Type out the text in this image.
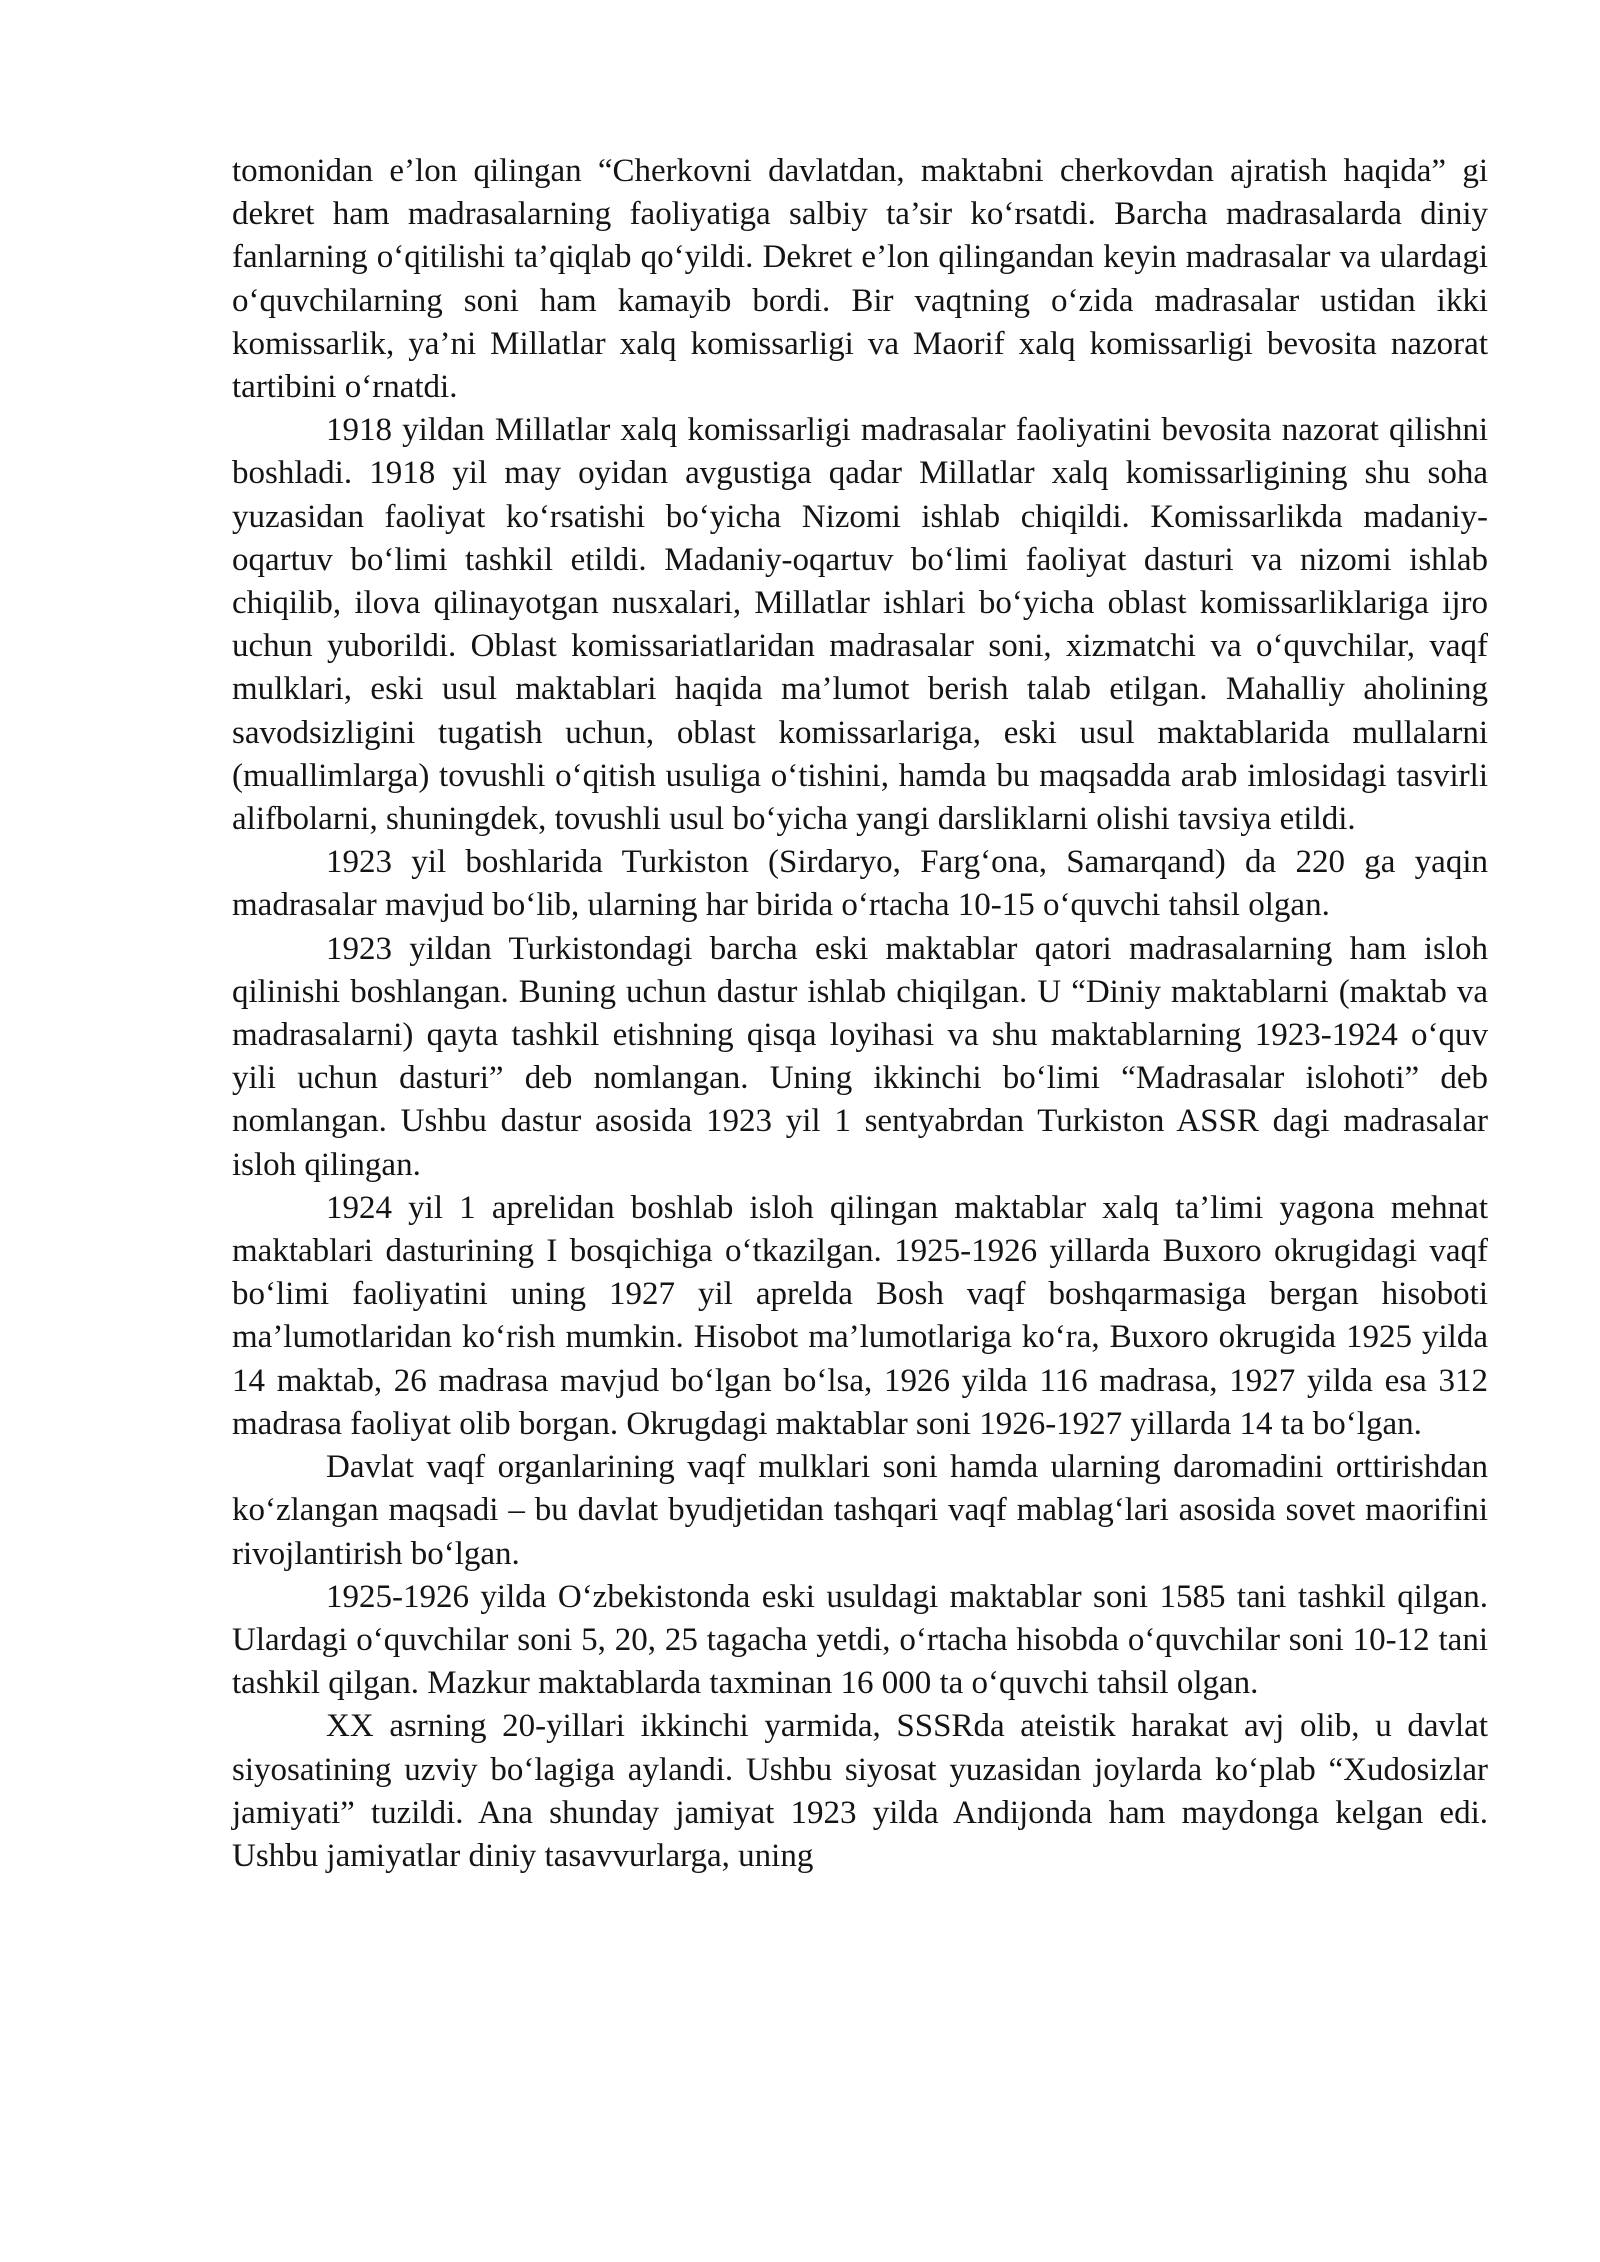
tomonidan e’lon qilingan “Cherkovni davlatdan, maktabni cherkovdan ajratish haqida” gi dekret ham madrasalarning faoliyatiga salbiy ta’sir ko‘rsatdi. Barcha madrasalarda diniy fanlarning o‘qitilishi ta’qiqlab qo‘yildi. Dekret e’lon qilingandan keyin madrasalar va ulardagi o‘quvchilarning soni ham kamayib bordi. Bir vaqtning o‘zida madrasalar ustidan ikki komissarlik, ya’ni Millatlar xalq komissarligi va Maorif xalq komissarligi bevosita nazorat tartibini o‘rnatdi.

1918 yildan Millatlar xalq komissarligi madrasalar faoliyatini bevosita nazorat qilishni boshladi. 1918 yil may oyidan avgustiga qadar Millatlar xalq komissarligining shu soha yuzasidan faoliyat ko‘rsatishi bo‘yicha Nizomi ishlab chiqildi. Komissarlikda madaniy-oqartuv bo‘limi tashkil etildi. Madaniy-oqartuv bo‘limi faoliyat dasturi va nizomi ishlab chiqilib, ilova qilinayotgan nusxalari, Millatlar ishlari bo‘yicha oblast komissarliklariga ijro uchun yuborildi. Oblast komissariatlaridan madrasalar soni, xizmatchi va o‘quvchilar, vaqf mulklari, eski usul maktablari haqida ma’lumot berish talab etilgan. Mahalliy aholining savodsizligini tugatish uchun, oblast komissarlariga, eski usul maktablarida mullalarni (muallimlarga) tovushli o‘qitish usuliga o‘tishini, hamda bu maqsadda arab imlosidagi tasvirli alifbolarni, shuningdek, tovushli usul bo‘yicha yangi darsliklarni olishi tavsiya etildi.

1923 yil boshlarida Turkiston (Sirdaryo, Farg‘ona, Samarqand) da 220 ga yaqin madrasalar mavjud bo‘lib, ularning har birida o‘rtacha 10-15 o‘quvchi tahsil olgan.

1923 yildan Turkistondagi barcha eski maktablar qatori madrasalarning ham isloh qilinishi boshlangan. Buning uchun dastur ishlab chiqilgan. U “Diniy maktablarni (maktab va madrasalarni) qayta tashkil etishning qisqa loyihasi va shu maktablarning 1923-1924 o‘quv yili uchun dasturi” deb nomlangan. Uning ikkinchi bo‘limi “Madrasalar islohoti” deb nomlangan. Ushbu dastur asosida 1923 yil 1 sentyabrdan Turkiston ASSR dagi madrasalar isloh qilingan.

1924 yil 1 aprelidan boshlab isloh qilingan maktablar xalq ta’limi yagona mehnat maktablari dasturining I bosqichiga o‘tkazilgan. 1925-1926 yillarda Buxoro okrugidagi vaqf bo‘limi faoliyatini uning 1927 yil aprelda Bosh vaqf boshqarmasiga bergan hisoboti ma’lumotlaridan ko‘rish mumkin. Hisobot ma’lumotlariga ko‘ra, Buxoro okrugida 1925 yilda 14 maktab, 26 madrasa mavjud bo‘lgan bo‘lsa, 1926 yilda 116 madrasa, 1927 yilda esa 312 madrasa faoliyat olib borgan. Okrugdagi maktablar soni 1926-1927 yillarda 14 ta bo‘lgan.

Davlat vaqf organlarining vaqf mulklari soni hamda ularning daromadini orttirishdan ko‘zlangan maqsadi – bu davlat byudjetidan tashqari vaqf mablag‘lari asosida sovet maorifini rivojlantirish bo‘lgan.

1925-1926 yilda O‘zbekistonda eski usuldagi maktablar soni 1585 tani tashkil qilgan. Ulardagi o‘quvchilar soni 5, 20, 25 tagacha yetdi, o‘rtacha hisobda o‘quvchilar soni 10-12 tani tashkil qilgan. Mazkur maktablarda taxminan 16 000 ta o‘quvchi tahsil olgan.

XX asrning 20-yillari ikkinchi yarmida, SSSRda ateistik harakat avj olib, u davlat siyosatining uzviy bo‘lagiga aylandi. Ushbu siyosat yuzasidan joylarda ko‘plab “Xudosizlar jamiyati” tuzildi. Ana shunday jamiyat 1923 yilda Andijonda ham maydonga kelgan edi. Ushbu jamiyatlar diniy tasavvurlarga, uning
